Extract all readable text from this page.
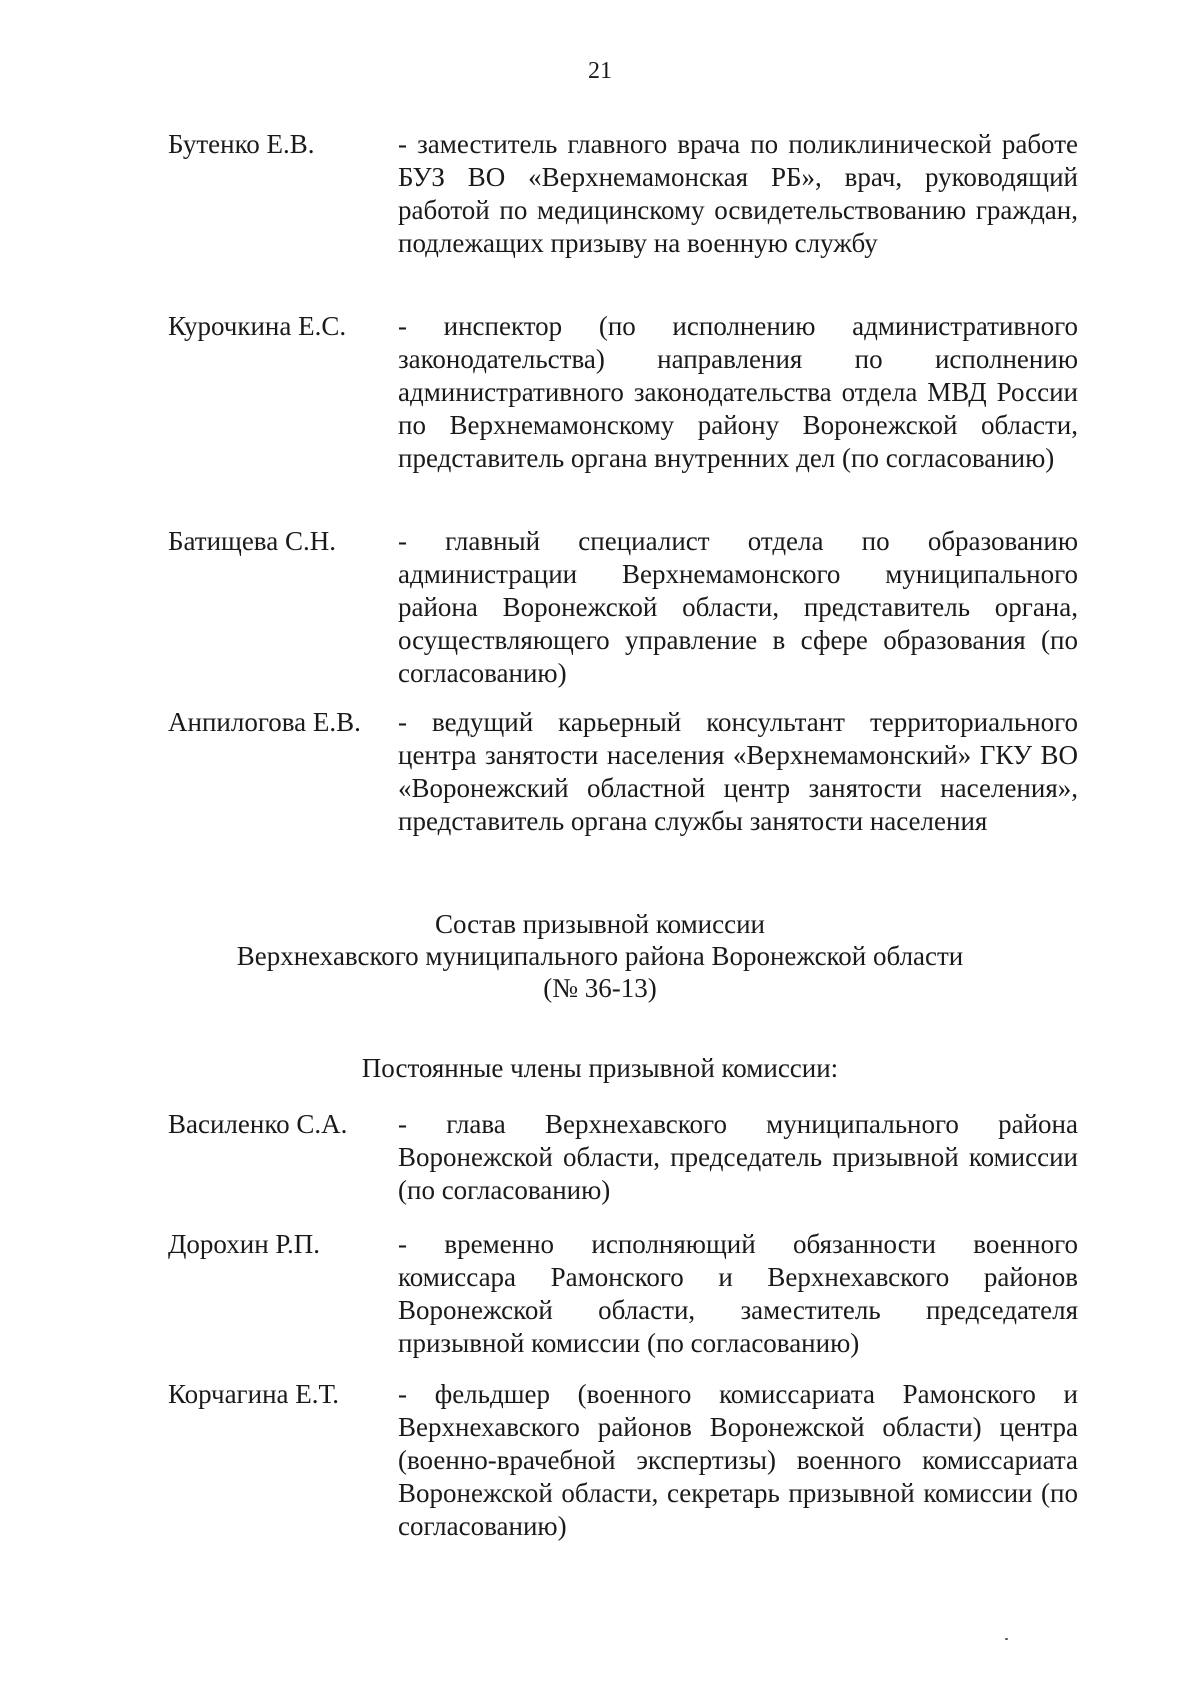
21
Бутенко Е.В.	- заместитель главного врача по поликлинической работе БУЗ ВО «Верхнемамонская РБ», врач, руководящий работой по медицинскому освидетельствованию граждан, подлежащих призыву на военную службу
Курочкина Е.С.	- инспектор (по исполнению административного законодательства) направления по исполнению административного законодательства отдела МВД России по Верхнемамонскому району Воронежской области, представитель органа внутренних дел (по согласованию)
Батищева С.Н.	- главный специалист отдела по образованию администрации Верхнемамонского муниципального района Воронежской области, представитель органа, осуществляющего управление в сфере образования (по согласованию)
Анпилогова Е.В.	- ведущий карьерный консультант территориального центра занятости населения «Верхнемамонский» ГКУ ВО «Воронежский областной центр занятости населения», представитель органа службы занятости населения
Состав призывной комиссии
Верхнехавского муниципального района Воронежской области
(№ 36-13)
Постоянные члены призывной комиссии:
Василенко С.А.	- глава Верхнехавского муниципального района Воронежской области, председатель призывной комиссии (по согласованию)
Дорохин Р.П.	- временно исполняющий обязанности военного комиссара Рамонского и Верхнехавского районов Воронежской области, заместитель председателя призывной комиссии (по согласованию)
Корчагина Е.Т.	- фельдшер (военного комиссариата Рамонского и Верхнехавского районов Воронежской области) центра (военно-врачебной экспертизы) военного комиссариата Воронежской области, секретарь призывной комиссии (по согласованию)
